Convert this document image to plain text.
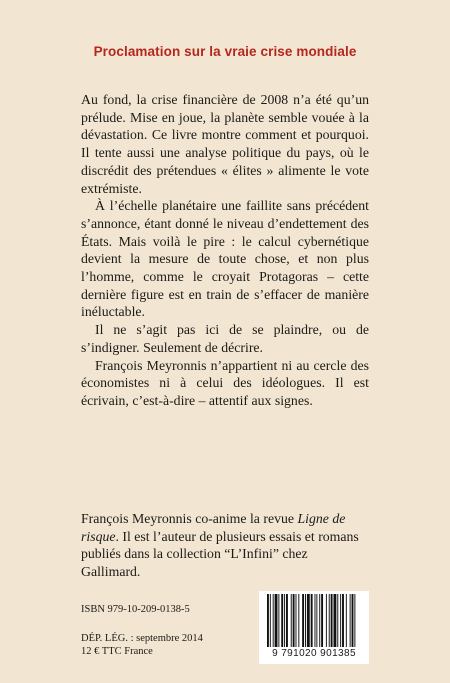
Proclamation sur la vraie crise mondiale

Au fond, la crise financière de 2008 n’a été qu’un prélude. Mise en joue, la planète semble vouée à la dévastation. Ce livre montre comment et pourquoi. Il tente aussi une analyse politique du pays, où le discrédit des prétendues « élites » alimente le vote extrémiste.

À l’échelle planétaire une faillite sans précédent s’annonce, étant donné le niveau d’endettement des États. Mais voilà le pire : le calcul cybernétique devient la mesure de toute chose, et non plus l’homme, comme le croyait Protagoras – cette dernière figure est en train de s’effacer de manière inéluctable.

Il ne s’agit pas ici de se plaindre, ou de s’indigner. Seulement de décrire.

François Meyronnis n’appartient ni au cercle des économistes ni à celui des idéologues. Il est écrivain, c’est-à-dire – attentif aux signes.

François Meyronnis co-anime la revue Ligne de risque. Il est l’auteur de plusieurs essais et romans publiés dans la collection “L’Infini” chez Gallimard.

ISBN 979-10-209-0138-5
DÉP. LÉG. : septembre 2014
12 € TTC France	9 791020 901385
